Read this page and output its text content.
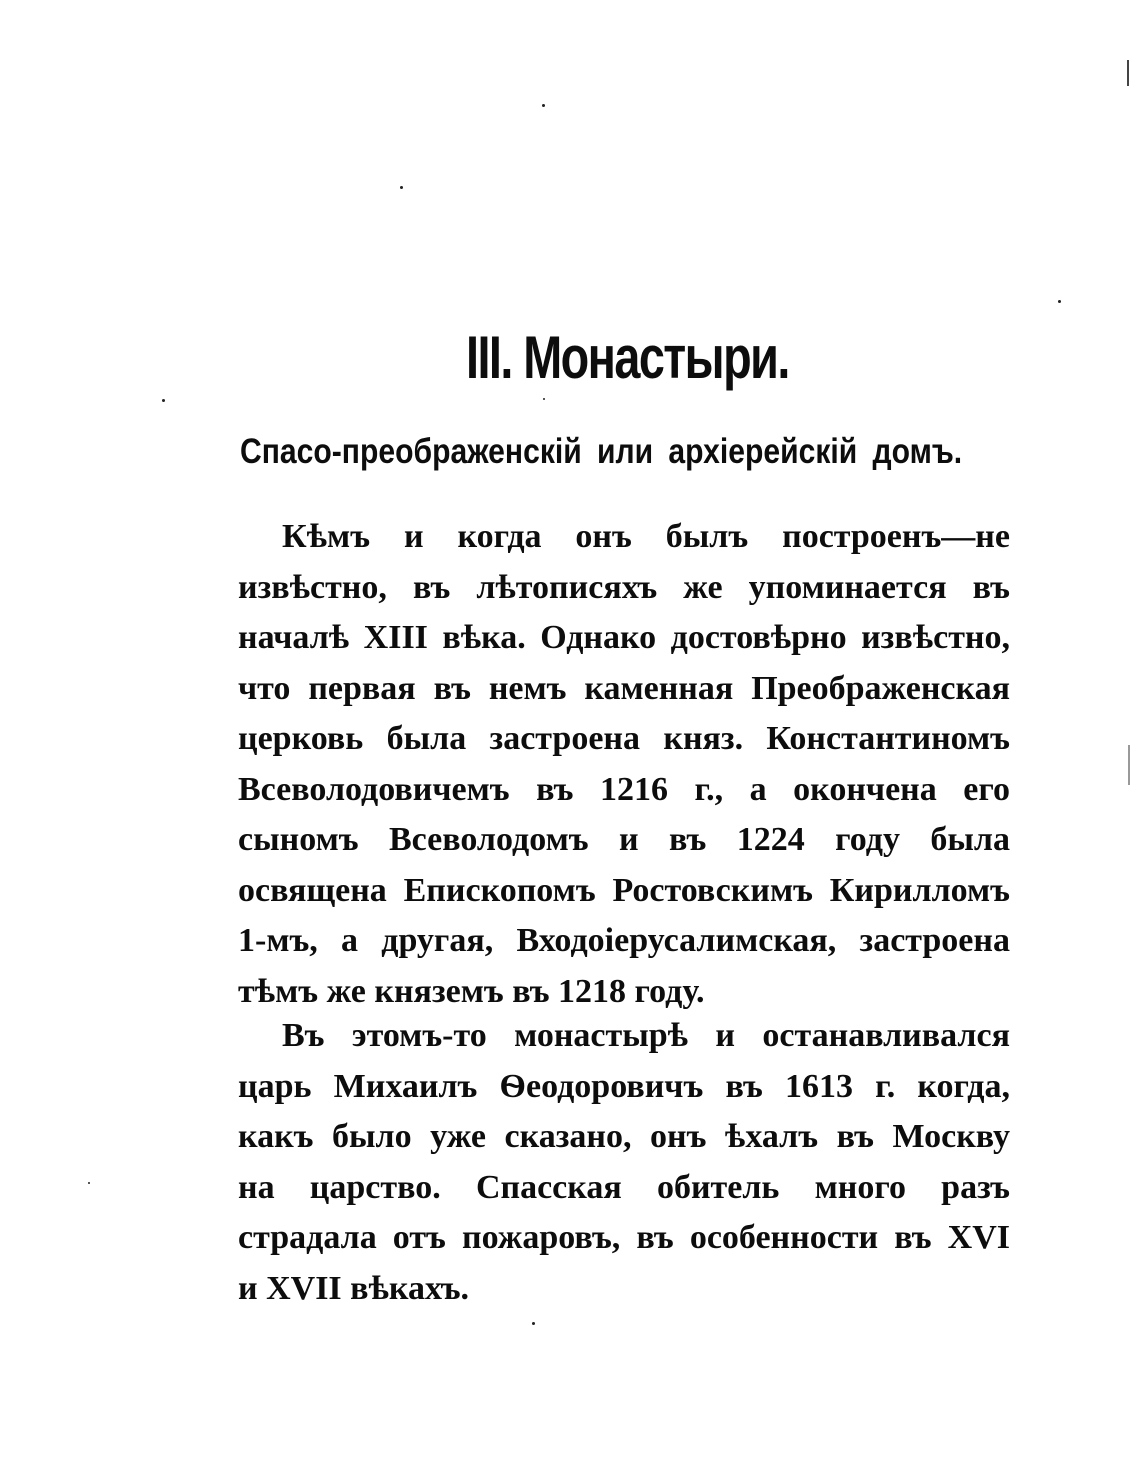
III. Монастыри.
Спасо-преображенскій или архіерейскій домъ.
Кѣмъ и когда онъ былъ построенъ—не
извѣстно, въ лѣтописяхъ же упоминается въ
началѣ XIII вѣка. Однако достовѣрно извѣстно,
что первая въ немъ каменная Преображенская
церковь была застроена княз. Константиномъ
Всеволодовичемъ въ 1216 г., а окончена его
сыномъ Всеволодомъ и въ 1224 году была
освящена Епископомъ Ростовскимъ Кирилломъ
1-мъ, а другая, Входоіерусалимская, застроена
тѣмъ же княземъ въ 1218 году.
Въ этомъ-то монастырѣ и останавливался
царь Михаилъ Ѳеодоровичъ въ 1613 г. когда,
какъ было уже сказано, онъ ѣхалъ въ Москву
на царство. Спасская обитель много разъ
страдала отъ пожаровъ, въ особенности въ XVI
и XVII вѣкахъ.
